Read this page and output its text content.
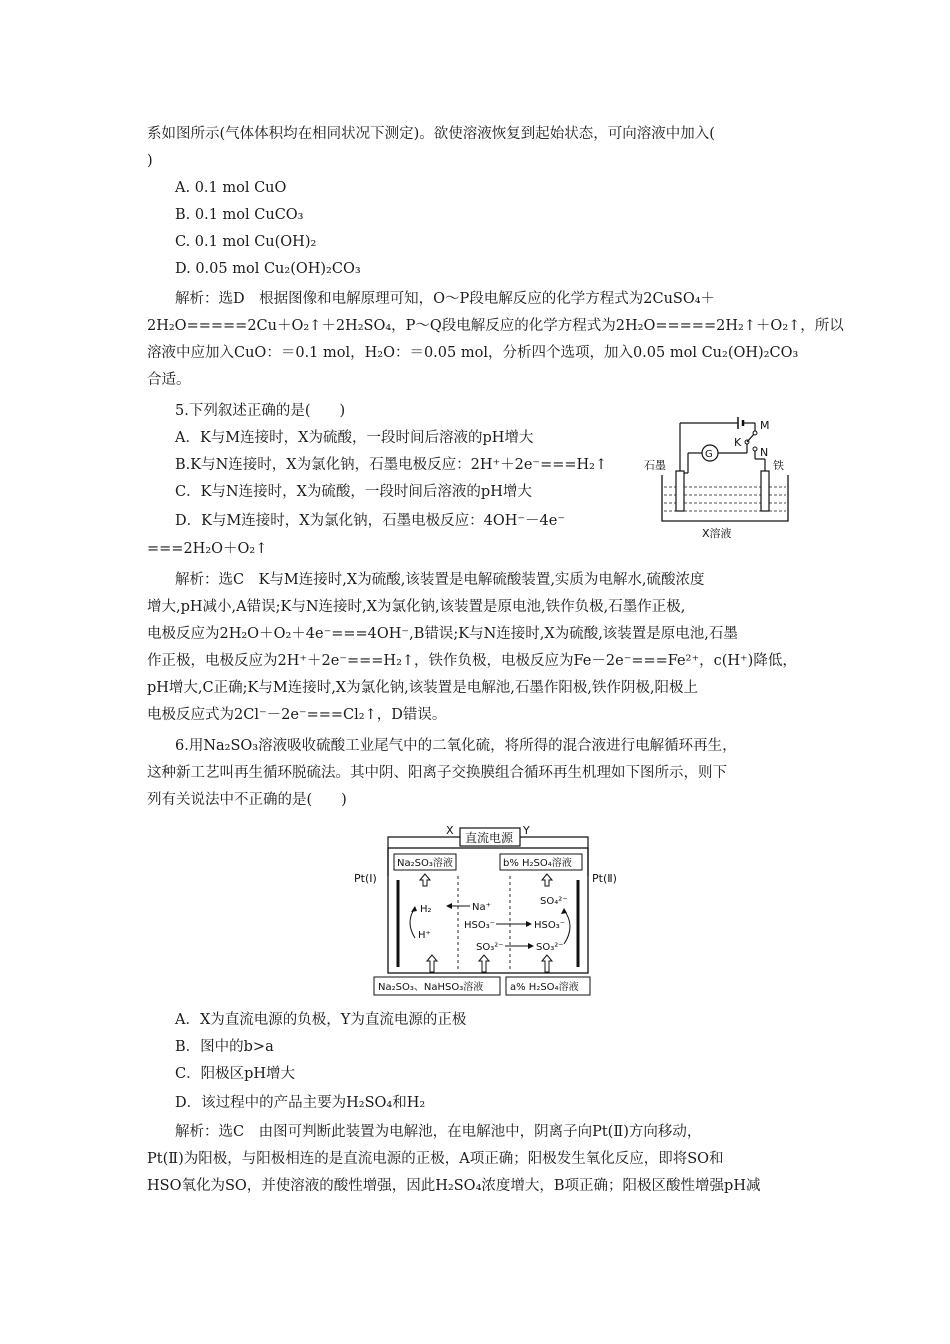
系如图所示(气体体积均在相同状况下测定)。欲使溶液恢复到起始状态，可向溶液中加入(
)
A. 0.1 mol CuO
B. 0.1 mol CuCO₃
C. 0.1 mol Cu(OH)₂
D. 0.05 mol Cu₂(OH)₂CO₃
解析：选D　根据图像和电解原理可知，O～P段电解反应的化学方程式为2CuSO₄＋
2H₂O=====2Cu＋O₂↑＋2H₂SO₄，P～Q段电解反应的化学方程式为2H₂O=====2H₂↑＋O₂↑，所以
溶液中应加入CuO：＝0.1 mol，H₂O：＝0.05 mol，分析四个选项，加入0.05 mol Cu₂(OH)₂CO₃
合适。
5.下列叙述正确的是(　　)
A．K与M连接时，X为硫酸，一段时间后溶液的pH增大
B.K与N连接时，X为氯化钠，石墨电极反应：2H⁺＋2e⁻===H₂↑
C．K与N连接时，X为硫酸，一段时间后溶液的pH增大
D．K与M连接时，X为氯化钠，石墨电极反应：4OH⁻－4e⁻
===2H₂O＋O₂↑
M
K
N
G
石墨	铁
X溶液
解析：选C　K与M连接时,X为硫酸,该装置是电解硫酸装置,实质为电解水,硫酸浓度
增大,pH减小,A错误;K与N连接时,X为氯化钠,该装置是原电池,铁作负极,石墨作正极,
电极反应为2H₂O＋O₂＋4e⁻===4OH⁻,B错误;K与N连接时,X为硫酸,该装置是原电池,石墨
作正极，电极反应为2H⁺＋2e⁻===H₂↑，铁作负极，电极反应为Fe－2e⁻===Fe²⁺，c(H⁺)降低，
pH增大,C正确;K与M连接时,X为氯化钠,该装置是电解池,石墨作阳极,铁作阴极,阳极上
电极反应式为2Cl⁻－2e⁻===Cl₂↑，D错误。
6.用Na₂SO₃溶液吸收硫酸工业尾气中的二氧化硫，将所得的混合液进行电解循环再生，
这种新工艺叫再生循环脱硫法。其中阴、阳离子交换膜组合循环再生机理如下图所示，则下
列有关说法中不正确的是(　　)
直流电源
X	Y
Na₂SO₃溶液	b% H₂SO₄溶液
Pt(Ⅰ)	Pt(Ⅱ)
H₂
H⁺
Na⁺
HSO₃⁻	HSO₃⁻
SO₃²⁻	SO₃²⁻
SO₄²⁻
Na₂SO₃、NaHSO₃溶液	a% H₂SO₄溶液
A．X为直流电源的负极，Y为直流电源的正极
B．图中的b>a
C．阳极区pH增大
D．该过程中的产品主要为H₂SO₄和H₂
解析：选C　由图可判断此装置为电解池，在电解池中，阴离子向Pt(Ⅱ)方向移动，
Pt(Ⅱ)为阳极，与阳极相连的是直流电源的正极，A项正确；阳极发生氧化反应，即将SO和
HSO氧化为SO，并使溶液的酸性增强，因此H₂SO₄浓度增大，B项正确；阳极区酸性增强pH减
